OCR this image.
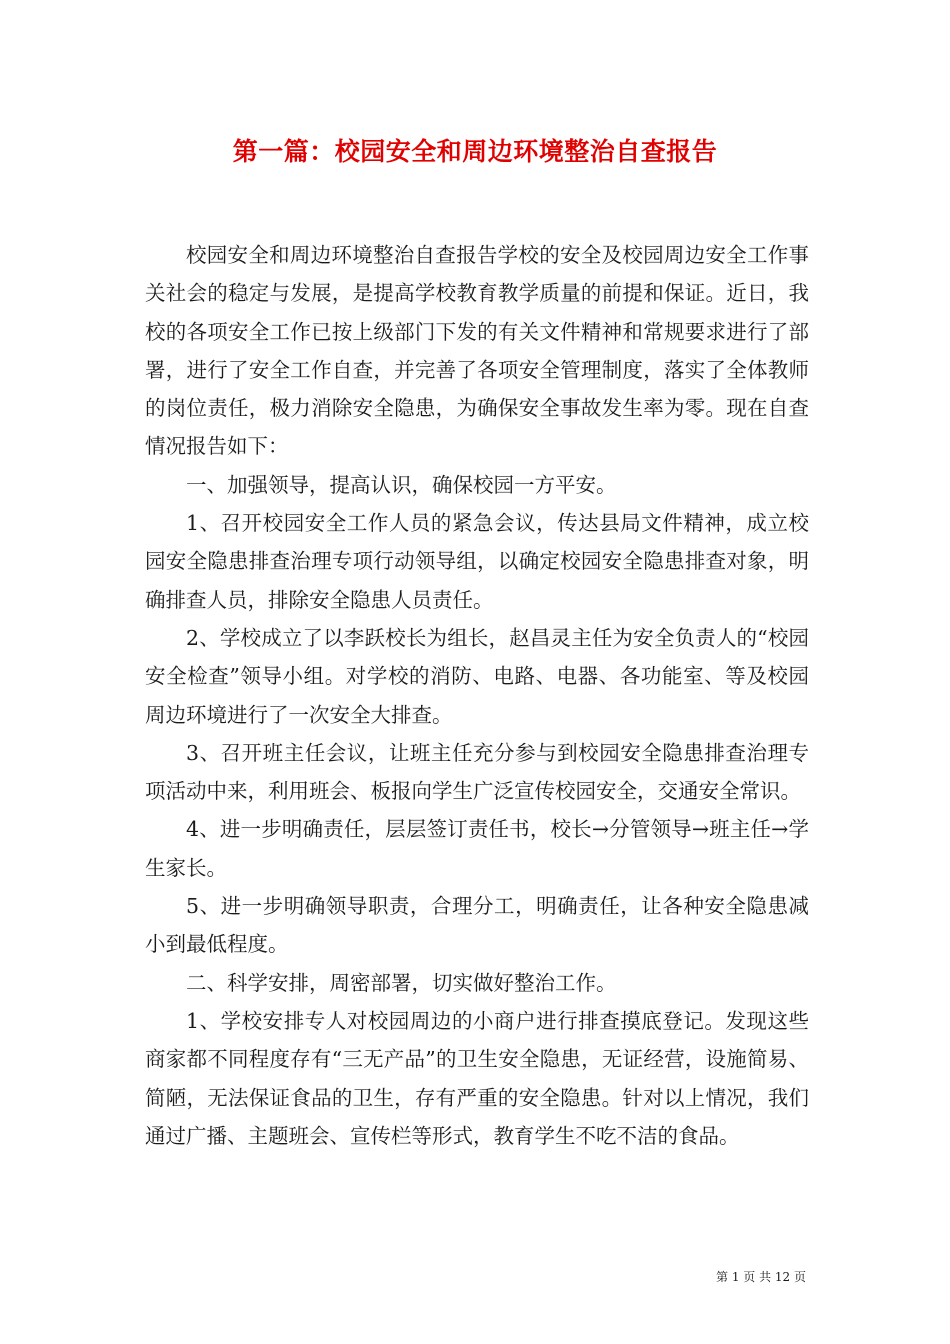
第一篇：校园安全和周边环境整治自查报告

校园安全和周边环境整治自查报告学校的安全及校园周边安全工作事关社会的稳定与发展，是提高学校教育教学质量的前提和保证。近日，我校的各项安全工作已按上级部门下发的有关文件精神和常规要求进行了部署，进行了安全工作自查，并完善了各项安全管理制度，落实了全体教师的岗位责任，极力消除安全隐患，为确保安全事故发生率为零。现在自查情况报告如下：

一、加强领导，提高认识，确保校园一方平安。

1、召开校园安全工作人员的紧急会议，传达县局文件精神，成立校园安全隐患排查治理专项行动领导组，以确定校园安全隐患排查对象，明确排查人员，排除安全隐患人员责任。

2、学校成立了以李跃校长为组长，赵昌灵主任为安全负责人的“校园安全检查”领导小组。对学校的消防、电路、电器、各功能室、等及校园周边环境进行了一次安全大排查。

3、召开班主任会议，让班主任充分参与到校园安全隐患排查治理专项活动中来，利用班会、板报向学生广泛宣传校园安全，交通安全常识。

4、进一步明确责任，层层签订责任书，校长→分管领导→班主任→学生家长。

5、进一步明确领导职责，合理分工，明确责任，让各种安全隐患减小到最低程度。

二、科学安排，周密部署，切实做好整治工作。

1、学校安排专人对校园周边的小商户进行排查摸底登记。发现这些商家都不同程度存有“三无产品”的卫生安全隐患，无证经营，设施简易、简陋，无法保证食品的卫生，存有严重的安全隐患。针对以上情况，我们通过广播、主题班会、宣传栏等形式，教育学生不吃不洁的食品。

第 1 页 共 12 页
